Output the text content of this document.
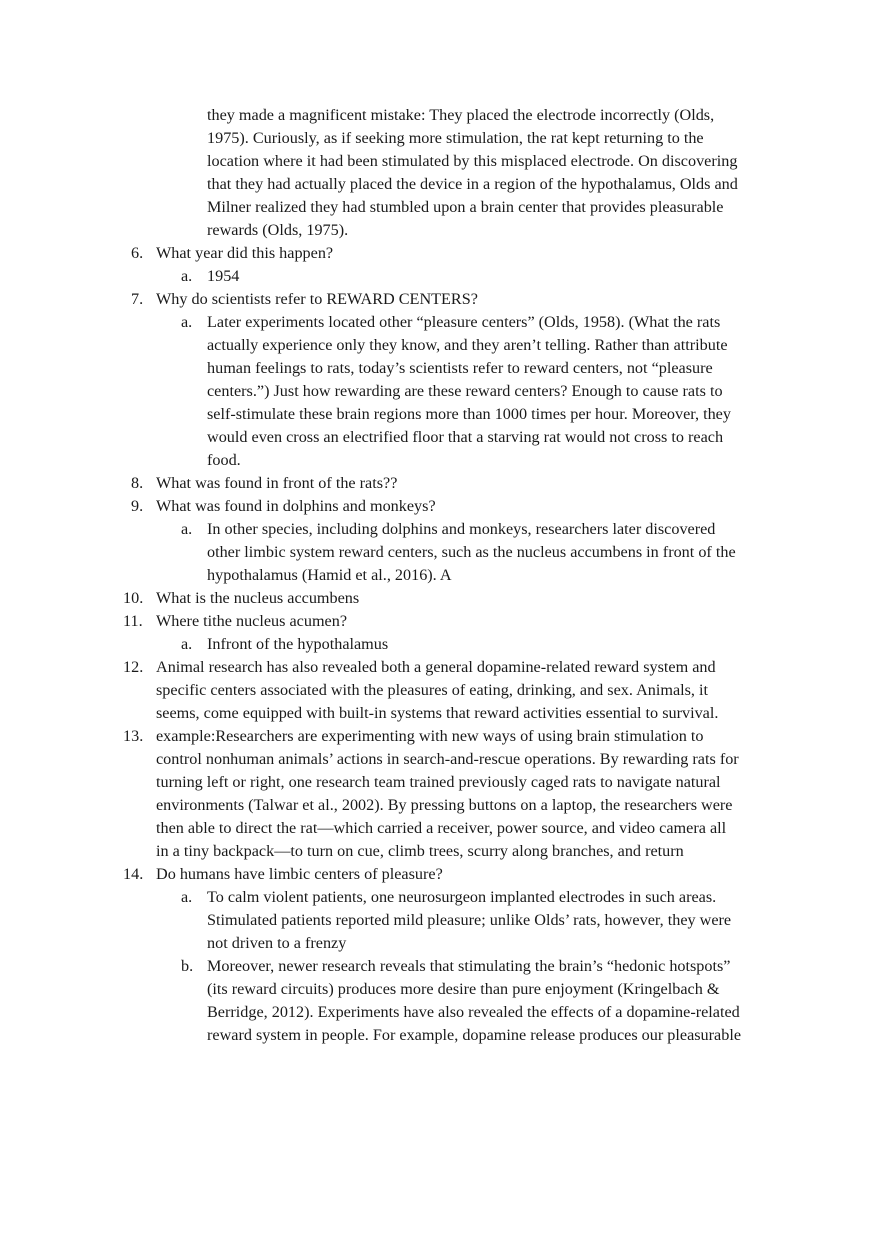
they made a magnificent mistake: They placed the electrode incorrectly (Olds,
1975). Curiously, as if seeking more stimulation, the rat kept returning to the
location where it had been stimulated by this misplaced electrode. On discovering
that they had actually placed the device in a region of the hypothalamus, Olds and
Milner realized they had stumbled upon a brain center that provides pleasurable
rewards (Olds, 1975).
6. What year did this happen?
a. 1954
7. Why do scientists refer to REWARD CENTERS?
a. Later experiments located other “pleasure centers” (Olds, 1958). (What the rats
actually experience only they know, and they aren’t telling. Rather than attribute
human feelings to rats, today’s scientists refer to reward centers, not “pleasure
centers.”) Just how rewarding are these reward centers? Enough to cause rats to
self-stimulate these brain regions more than 1000 times per hour. Moreover, they
would even cross an electrified floor that a starving rat would not cross to reach
food.
8. What was found in front of the rats??
9. What was found in dolphins and monkeys?
a. In other species, including dolphins and monkeys, researchers later discovered
other limbic system reward centers, such as the nucleus accumbens in front of the
hypothalamus (Hamid et al., 2016). A
10. What is the nucleus accumbens
11. Where tithe nucleus acumen?
a. Infront of the hypothalamus
12. Animal research has also revealed both a general dopamine-related reward system and
specific centers associated with the pleasures of eating, drinking, and sex. Animals, it
seems, come equipped with built-in systems that reward activities essential to survival.
13. example:Researchers are experimenting with new ways of using brain stimulation to
control nonhuman animals’ actions in search-and-rescue operations. By rewarding rats for
turning left or right, one research team trained previously caged rats to navigate natural
environments (Talwar et al., 2002). By pressing buttons on a laptop, the researchers were
then able to direct the rat—which carried a receiver, power source, and video camera all
in a tiny backpack—to turn on cue, climb trees, scurry along branches, and return
14. Do humans have limbic centers of pleasure?
a. To calm violent patients, one neurosurgeon implanted electrodes in such areas.
Stimulated patients reported mild pleasure; unlike Olds’ rats, however, they were
not driven to a frenzy
b. Moreover, newer research reveals that stimulating the brain’s “hedonic hotspots”
(its reward circuits) produces more desire than pure enjoyment (Kringelbach &
Berridge, 2012). Experiments have also revealed the effects of a dopamine-related
reward system in people. For example, dopamine release produces our pleasurable
